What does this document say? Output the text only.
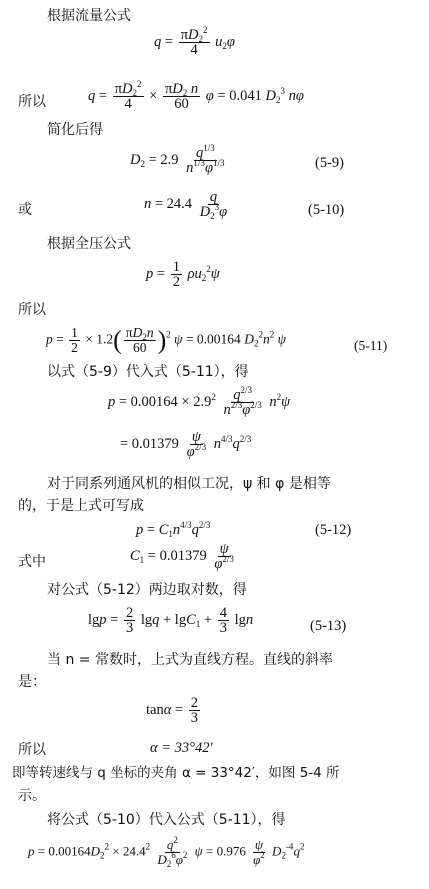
根据流量公式
$q = \frac{\pi D_2^2}{4} u_2\varphi$
所以	$q = \frac{\pi D_2^2}{4} \times \frac{\pi D_2 n}{60}$ φ = 0.041 $D_2^3$ nφ
简化后得
$D_2 = 2.9 \frac{q^{1/3}}{n^{1/3}\varphi^{1/3}}$	(5-9)
或	$n = 24.4 \frac{q}{D_2^3\varphi}$	(5-10)
根据全压公式
$p = \frac{1}{2} \rho u_2^2\psi$
所以
$p = \frac{1}{2} \times 1.2( \frac{\pi D_2n}{60} )^2$ ψ = 0.00164 $D_2^2n^2$ ψ	(5-11)
以式（5-9）代入式（5-11），得
$p = 0.00164 \times 2.9^2 \frac{q^{2/3}}{n^{2/3}\varphi^{2/3}} n^2\psi$
= $0.01379 \frac{\psi}{\varphi^{2/3}} n^{4/3}q^{2/3}$
对于同系列通风机的相似工况，ψ 和 φ 是相等
的，于是上式可写成
$p = C_1n^{4/3}q^{2/3}$	(5-12)
式中	$C_1 = 0.01379 \frac{\psi}{\varphi^{2/3}}$
对公式（5-12）两边取对数，得
$\lg p = \frac{2}{3}$ $\lg q + \lg C_1 + \frac{4}{3}$ lgn	(5-13)
当 n = 常数时，上式为直线方程。直线的斜率
是：
$\tan\alpha = \frac{2}{3}$
所以	α = 33°42′
即等转速线与 q 坐标的夹角 α = 33°42′，如图 5-4 所
示。
将公式（5-10）代入公式（5-11），得
$p = 0.00164D_2^2 \times 24.4^2 \frac{q^2}{D_2^6\varphi^2}$ $\psi = 0.976 \frac{\psi}{\varphi^2} D_2^{-4}q^2$
